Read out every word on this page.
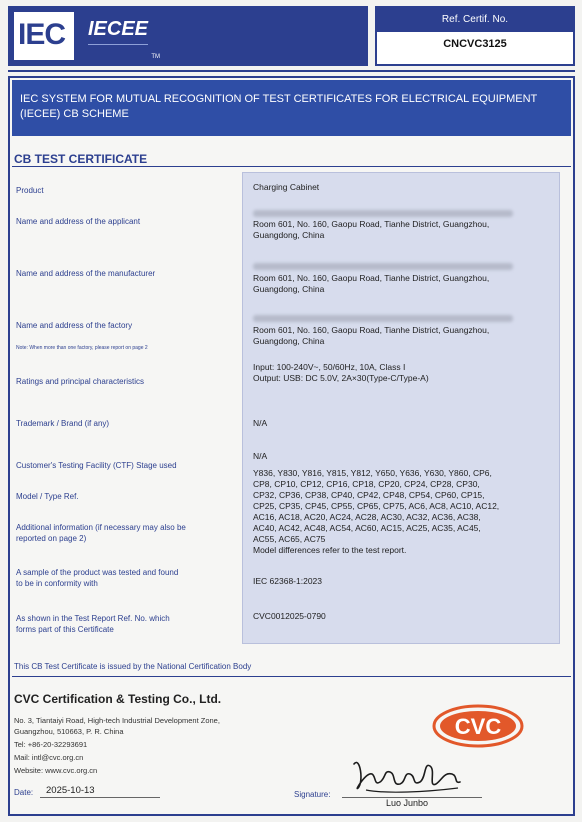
IEC IECEE
TM
Ref. Certif. No.
CNCVC3125
IEC SYSTEM FOR MUTUAL RECOGNITION OF TEST CERTIFICATES FOR ELECTRICAL EQUIPMENT (IECEE) CB SCHEME
CB TEST CERTIFICATE
Product
Name and address of the applicant
Name and address of the manufacturer
Name and address of the factory
Note: When more than one factory, please report on page 2
Ratings and principal characteristics
Trademark / Brand (if any)
Customer's Testing Facility (CTF) Stage used
Model / Type Ref.
Additional information (if necessary may also be
reported on page 2)
A sample of the product was tested and found
to be in conformity with
As shown in the Test Report Ref. No. which
forms part of this Certificate
Charging Cabinet
Room 601, No. 160, Gaopu Road, Tianhe District, Guangzhou,
Guangdong, China
Room 601, No. 160, Gaopu Road, Tianhe District, Guangzhou,
Guangdong, China
Room 601, No. 160, Gaopu Road, Tianhe District, Guangzhou,
Guangdong, China
Input: 100-240V~, 50/60Hz, 10A, Class I
Output: USB: DC 5.0V, 2A×30(Type-C/Type-A)
N/A
N/A
Y836, Y830, Y816, Y815, Y812, Y650, Y636, Y630, Y860, CP6,
CP8, CP10, CP12, CP16, CP18, CP20, CP24, CP28, CP30,
CP32, CP36, CP38, CP40, CP42, CP48, CP54, CP60, CP15,
CP25, CP35, CP45, CP55, CP65, CP75, AC6, AC8, AC10, AC12,
AC16, AC18, AC20, AC24, AC28, AC30, AC32, AC36, AC38,
AC40, AC42, AC48, AC54, AC60, AC15, AC25, AC35, AC45,
AC55, AC65, AC75
Model differences refer to the test report.
IEC 62368-1:2023
CVC0012025-0790
This CB Test Certificate is issued by the National Certification Body
CVC Certification & Testing Co., Ltd.
No. 3, Tiantaiyi Road, High-tech Industrial Development Zone,
Guangzhou, 510663, P. R. China
Tel: +86-20-32293691
Mail: intl@cvc.org.cn
Website: www.cvc.org.cn
CVC
Date: 2025-10-13	Signature:
Luo Junbo
